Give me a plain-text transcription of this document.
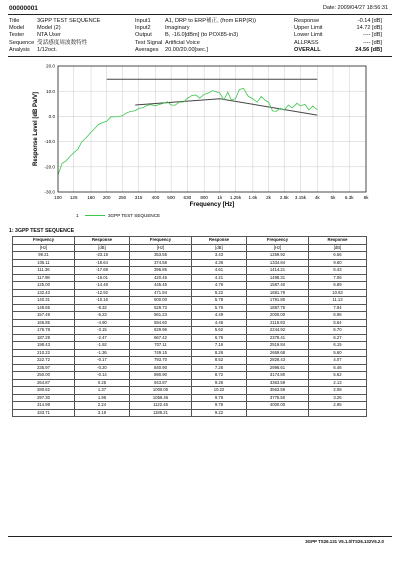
00000001	Date: 2009/04/27 18:56:31
Title	3GPP TEST SEQUENCE
Model	Model (2)
Tester	NTA User
Sequence 受話感度周波数特性
Analysis	1/12oct.
Input1	A1, DRP to ERP補正, (from ERP(R))
Input2	Imaginary
Output	B, -16.0[dBm] (to POX85-in3)
Test Signal Artificial Voice
Averages	20.00/20.00[sec.]
Response	-0.14 [dB]
Upper Limit	14.72 [dB]
Lower Limit	---- [dB]
ALLPASS	---- [dB]
OVERALL	24.56 [dB]
20.0
10.0
0.0
-10.0
-20.0
-30.0
100 125 160 200 250 315 400 500 630 800 1k 1.25k 1.6k 2k 2.5k 3.15k 4k 5k 6.3k 8k
Response Level [dB Pa/V]
Frequency [Hz]
1	3GPP TEST SEQUENCE
1: 3GPP TEST SEQUENCE
Frequency	Response	Frequency	Response	Frequency	Response
[Hz]	[dB]	[Hz]	[dB]	[Hz]	[dB]
99.21	-23.18	353.55	3.43	1259.92	6.56
105.11	-18.64	374.58	4.36	1334.84	9.60
111.36	-17.68	396.85	4.61	1414.21	6.43
117.98	-16.01	420.45	4.21	1498.31	7.06
125.00	-14.48	445.45	4.76	1587.40	6.89
132.43	-12.92	471.94	5.22	1681.79	10.63
140.31	-10.16	500.00	5.78	1781.80	11.13
148.65	-8.32	529.73	5.76	1887.75	7.94
157.49	-6.23	561.23	4.49	2000.00	6.96
166.85	-4.90	594.60	4.46	2118.93	5.64
176.78	-3.15	629.96	5.62	2244.92	6.70
187.29	-2.47	667.42	6.76	2378.41	6.27
198.43	-1.92	707.11	7.16	2519.84	6.15
210.22	-1.36	749.15	8.26	2669.68	5.60
222.72	-0.17	793.70	8.52	2828.43	4.07
235.97	-0.20	840.90	7.26	2996.61	6.46
250.00	-0.14	890.90	8.72	3174.80	5.62
264.87	0.25	943.87	9.26	3363.59	2.13
280.62	1.37	1000.00	10.22	3563.59	2.08
297.30	1.96	1059.46	9.78	3775.50	3.25
314.98	2.24	1122.46	9.76	4000.00	2.95
333.71	3.19	1189.21	9.22		
3GPP TS26.131 V5.1.0/TS26.132V5.2.0
